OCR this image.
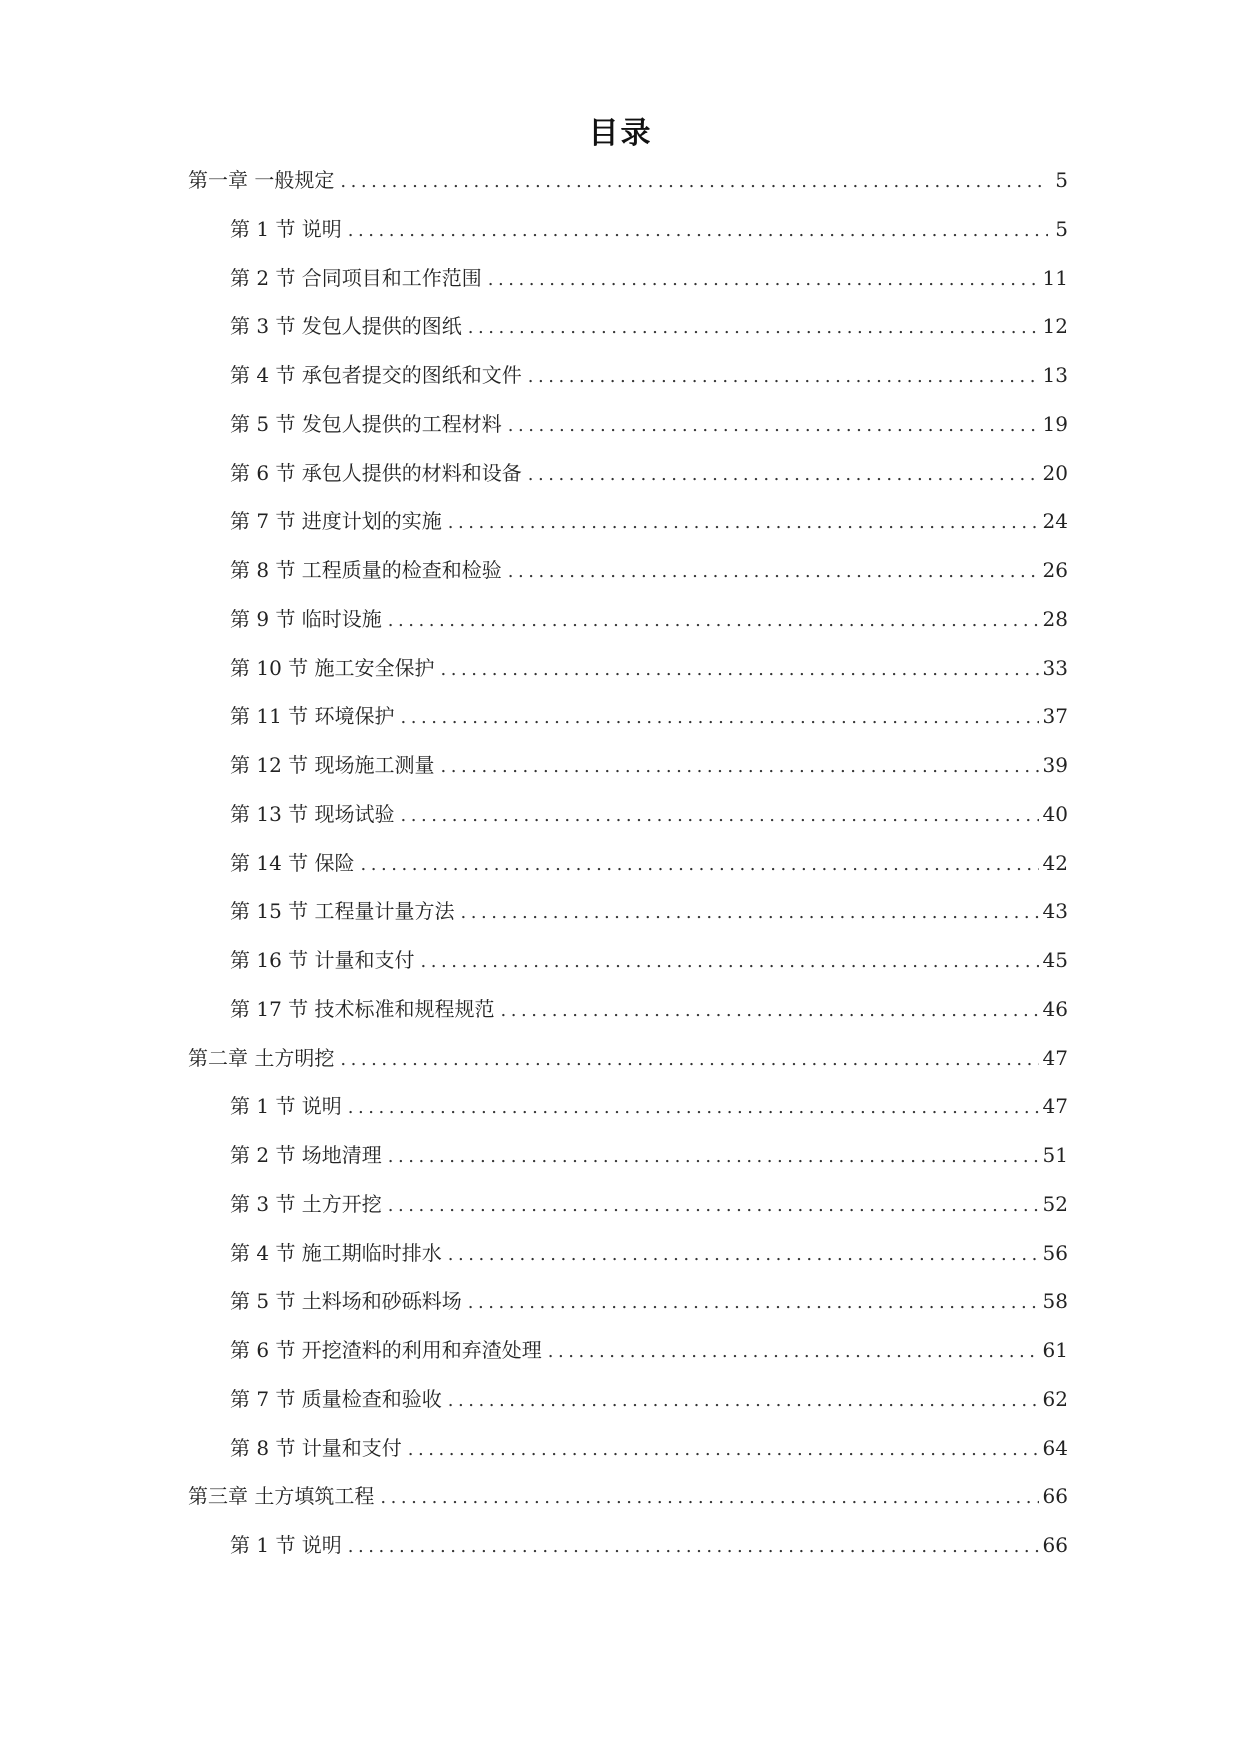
目录
第一章 一般规定 . . .	5
第 1 节 说明 . . .	5
第 2 节 合同项目和工作范围 . . .	11
第 3 节 发包人提供的图纸 . . .	12
第 4 节 承包者提交的图纸和文件 . . .	13
第 5 节 发包人提供的工程材料 . . .	19
第 6 节 承包人提供的材料和设备 . . .	20
第 7 节 进度计划的实施 . . .	24
第 8 节 工程质量的检查和检验 . . .	26
第 9 节 临时设施 . . .	28
第 10 节 施工安全保护 . . .	33
第 11 节 环境保护 . . .	37
第 12 节 现场施工测量 . . .	39
第 13 节 现场试验 . . .	40
第 14 节 保险 . . .	42
第 15 节 工程量计量方法 . . .	43
第 16 节 计量和支付 . . .	45
第 17 节 技术标准和规程规范 . . .	46
第二章 土方明挖 . . .	47
第 1 节 说明 . . .	47
第 2 节 场地清理 . . .	51
第 3 节 土方开挖 . . .	52
第 4 节 施工期临时排水 . . .	56
第 5 节 土料场和砂砾料场 . . .	58
第 6 节 开挖渣料的利用和弃渣处理 . . .	61
第 7 节 质量检查和验收 . . .	62
第 8 节 计量和支付 . . .	64
第三章 土方填筑工程 . . .	66
第 1 节 说明 . . .	66
